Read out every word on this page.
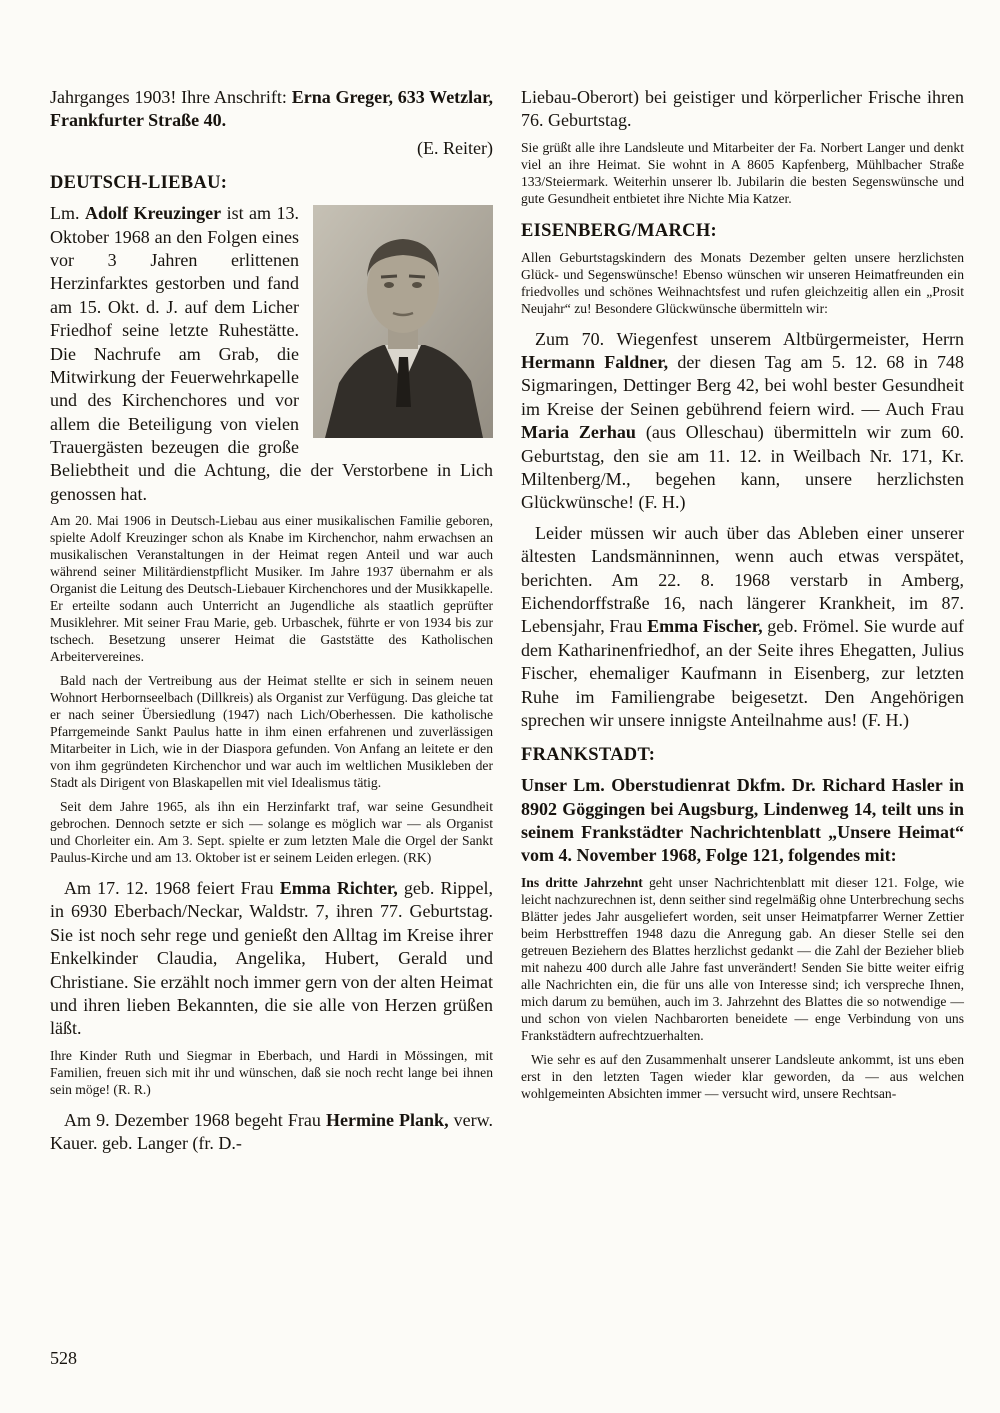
Jahrganges 1903! Ihre Anschrift: Erna Greger, 633 Wetzlar, Frankfurter Straße 40.

(E. Reiter)

DEUTSCH-LIEBAU:

Lm. Adolf Kreuzinger ist am 13. Oktober 1968 an den Folgen eines vor 3 Jahren erlittenen Herzinfarktes gestorben und fand am 15. Okt. d. J. auf dem Licher Friedhof seine letzte Ruhestätte. Die Nachrufe am Grab, die Mitwirkung der Feuerwehrkapelle und des Kirchenchores und vor allem die Beteiligung von vielen Trauergästen bezeugen die große Beliebtheit und die Achtung, die der Verstorbene in Lich genossen hat.

Am 20. Mai 1906 in Deutsch-Liebau aus einer musikalischen Familie geboren, spielte Adolf Kreuzinger schon als Knabe im Kirchenchor, nahm erwachsen an musikalischen Veranstaltungen in der Heimat regen Anteil und war auch während seiner Militärdienstpflicht Musiker. Im Jahre 1937 übernahm er als Organist die Leitung des Deutsch-Liebauer Kirchenchores und der Musikkapelle. Er erteilte sodann auch Unterricht an Jugendliche als staatlich geprüfter Musiklehrer. Mit seiner Frau Marie, geb. Urbaschek, führte er von 1934 bis zur tschech. Besetzung unserer Heimat die Gaststätte des Katholischen Arbeitervereines.

Bald nach der Vertreibung aus der Heimat stellte er sich in seinem neuen Wohnort Herbornseelbach (Dillkreis) als Organist zur Verfügung. Das gleiche tat er nach seiner Übersiedlung (1947) nach Lich/Oberhessen. Die katholische Pfarrgemeinde Sankt Paulus hatte in ihm einen erfahrenen und zuverlässigen Mitarbeiter in Lich, wie in der Diaspora gefunden. Von Anfang an leitete er den von ihm gegründeten Kirchenchor und war auch im weltlichen Musikleben der Stadt als Dirigent von Blaskapellen mit viel Idealismus tätig.

Seit dem Jahre 1965, als ihn ein Herzinfarkt traf, war seine Gesundheit gebrochen. Dennoch setzte er sich — solange es möglich war — als Organist und Chorleiter ein. Am 3. Sept. spielte er zum letzten Male die Orgel der Sankt Paulus-Kirche und am 13. Oktober ist er seinem Leiden erlegen. (RK)

Am 17. 12. 1968 feiert Frau Emma Richter, geb. Rippel, in 6930 Eberbach/Neckar, Waldstr. 7, ihren 77. Geburtstag. Sie ist noch sehr rege und genießt den Alltag im Kreise ihrer Enkelkinder Claudia, Angelika, Hubert, Gerald und Christiane. Sie erzählt noch immer gern von der alten Heimat und ihren lieben Bekannten, die sie alle von Herzen grüßen läßt.

Ihre Kinder Ruth und Siegmar in Eberbach, und Hardi in Mössingen, mit Familien, freuen sich mit ihr und wünschen, daß sie noch recht lange bei ihnen sein möge! (R. R.)

Am 9. Dezember 1968 begeht Frau Hermine Plank, verw. Kauer. geb. Langer (fr. D.-

Liebau-Oberort) bei geistiger und körperlicher Frische ihren 76. Geburtstag.

Sie grüßt alle ihre Landsleute und Mitarbeiter der Fa. Norbert Langer und denkt viel an ihre Heimat. Sie wohnt in A 8605 Kapfenberg, Mühlbacher Straße 133/Steiermark. Weiterhin unserer lb. Jubilarin die besten Segenswünsche und gute Gesundheit entbietet ihre Nichte Mia Katzer.

EISENBERG/MARCH:

Allen Geburtstagskindern des Monats Dezember gelten unsere herzlichsten Glück- und Segenswünsche! Ebenso wünschen wir unseren Heimatfreunden ein friedvolles und schönes Weihnachtsfest und rufen gleichzeitig allen ein „Prosit Neujahr“ zu! Besondere Glückwünsche übermitteln wir:

Zum 70. Wiegenfest unserem Altbürgermeister, Herrn Hermann Faldner, der diesen Tag am 5. 12. 68 in 748 Sigmaringen, Dettinger Berg 42, bei wohl bester Gesundheit im Kreise der Seinen gebührend feiern wird. — Auch Frau Maria Zerhau (aus Olleschau) übermitteln wir zum 60. Geburtstag, den sie am 11. 12. in Weilbach Nr. 171, Kr. Miltenberg/M., begehen kann, unsere herzlichsten Glückwünsche! (F. H.)

Leider müssen wir auch über das Ableben einer unserer ältesten Landsmänninnen, wenn auch etwas verspätet, berichten. Am 22. 8. 1968 verstarb in Amberg, Eichendorffstraße 16, nach längerer Krankheit, im 87. Lebensjahr, Frau Emma Fischer, geb. Frömel. Sie wurde auf dem Katharinenfriedhof, an der Seite ihres Ehegatten, Julius Fischer, ehemaliger Kaufmann in Eisenberg, zur letzten Ruhe im Familiengrabe beigesetzt. Den Angehörigen sprechen wir unsere innigste Anteilnahme aus! (F. H.)

FRANKSTADT:

Unser Lm. Oberstudienrat Dkfm. Dr. Richard Hasler in 8902 Göggingen bei Augsburg, Lindenweg 14, teilt uns in seinem Frankstädter Nachrichtenblatt „Unsere Heimat“ vom 4. November 1968, Folge 121, folgendes mit:

Ins dritte Jahrzehnt geht unser Nachrichtenblatt mit dieser 121. Folge, wie leicht nachzurechnen ist, denn seither sind regelmäßig ohne Unterbrechung sechs Blätter jedes Jahr ausgeliefert worden, seit unser Heimatpfarrer Werner Zettier beim Herbsttreffen 1948 dazu die Anregung gab. An dieser Stelle sei den getreuen Beziehern des Blattes herzlichst gedankt — die Zahl der Bezieher blieb mit nahezu 400 durch alle Jahre fast unverändert! Senden Sie bitte weiter eifrig alle Nachrichten ein, die für uns alle von Interesse sind; ich verspreche Ihnen, mich darum zu bemühen, auch im 3. Jahrzehnt des Blattes die so notwendige — und schon von vielen Nachbarorten beneidete — enge Verbindung von uns Frankstädtern aufrechtzuerhalten.

Wie sehr es auf den Zusammenhalt unserer Landsleute ankommt, ist uns eben erst in den letzten Tagen wieder klar geworden, da — aus welchen wohlgemeinten Absichten immer — versucht wird, unsere Rechtsan-

528
